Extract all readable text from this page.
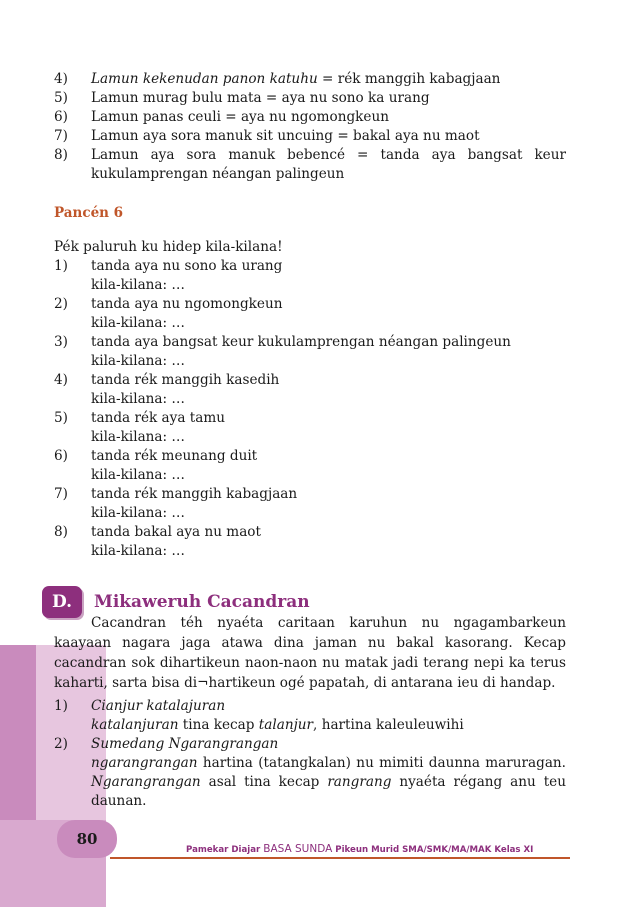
4)	Lamun kekenudan panon katuhu = rék manggih kabagjaan
5)	Lamun murag bulu mata = aya nu sono ka urang
6)	Lamun panas ceuli = aya nu ngomongkeun
7)	Lamun aya sora manuk sit uncuing = bakal aya nu maot
8)	Lamun aya sora manuk bebencé = tanda aya bangsat keur kukulamprengan néangan palingeun
Pancén 6
Pék paluruh ku hidep kila-kilana!
1)	tanda aya nu sono ka urang
kila-kilana: …
2)	tanda aya nu ngomongkeun
kila-kilana: …
3)	tanda aya bangsat keur kukulamprengan néangan palingeun
kila-kilana: …
4)	tanda rék manggih kasedih
kila-kilana: …
5)	tanda rék aya tamu
kila-kilana: …
6)	tanda rék meunang duit
kila-kilana: …
7)	tanda rék manggih kabagjaan
kila-kilana: …
8)	tanda bakal aya nu maot
kila-kilana: …
D.	Mikaweruh Cacandran
Cacandran téh nyaéta caritaan karuhun nu ngagambarkeun kaayaan nagara jaga atawa dina jaman nu bakal kasorang. Kecap cacandran sok dihartikeun naon-naon nu matak jadi terang nepi ka terus kaharti, sarta bisa di¬hartikeun ogé papatah, di antarana ieu di handap.
1)	Cianjur katalajuran
katalanjuran tina kecap talanjur, hartina kaleuleuwihi
2)	Sumedang Ngarangrangan
ngarangrangan hartina (tatangkalan) nu mimiti daunna maruragan. Ngarangrangan asal tina kecap rangrang nyaéta régang anu teu daunan.
80
Pamekar Diajar BASA SUNDA Pikeun Murid SMA/SMK/MA/MAK Kelas XI
